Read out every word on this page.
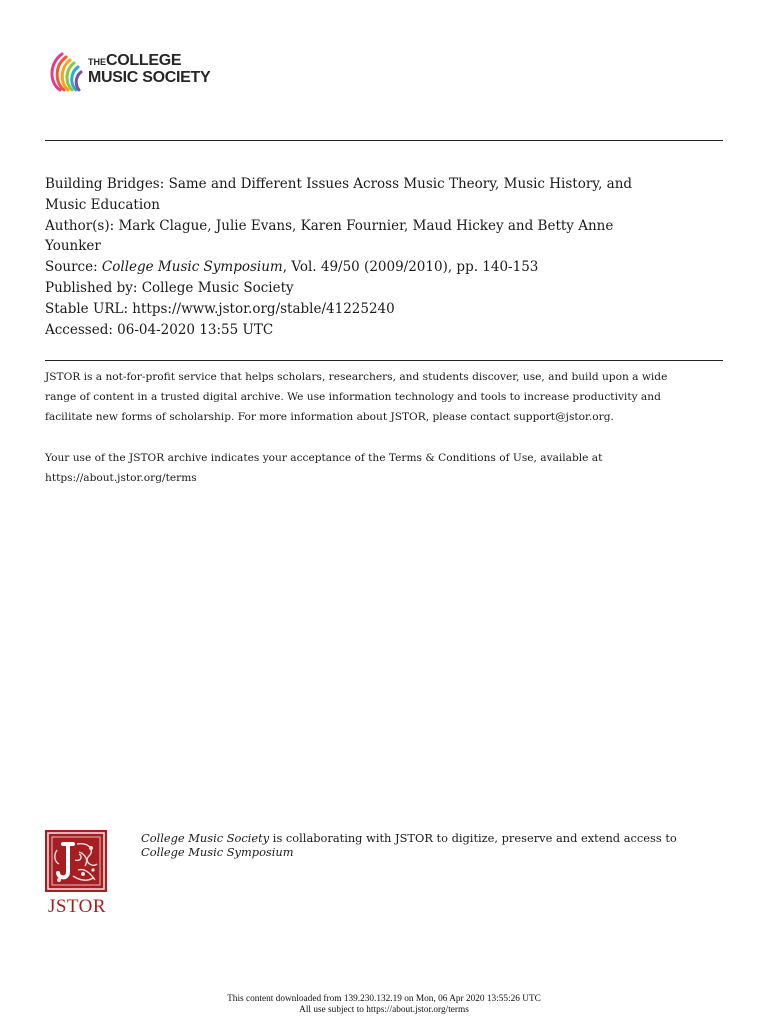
THECOLLEGE
MUSIC SOCIETY
Building Bridges: Same and Different Issues Across Music Theory, Music History, and
Music Education
Author(s): Mark Clague, Julie Evans, Karen Fournier, Maud Hickey and Betty Anne
Younker
Source: College Music Symposium, Vol. 49/50 (2009/2010), pp. 140-153
Published by: College Music Society
Stable URL: https://www.jstor.org/stable/41225240
Accessed: 06-04-2020 13:55 UTC

JSTOR is a not-for-profit service that helps scholars, researchers, and students discover, use, and build upon a wide
range of content in a trusted digital archive. We use information technology and tools to increase productivity and
facilitate new forms of scholarship. For more information about JSTOR, please contact support@jstor.org.

Your use of the JSTOR archive indicates your acceptance of the Terms & Conditions of Use, available at
https://about.jstor.org/terms

JSTOR
College Music Society is collaborating with JSTOR to digitize, preserve and extend access to
College Music Symposium
This content downloaded from 139.230.132.19 on Mon, 06 Apr 2020 13:55:26 UTC
All use subject to https://about.jstor.org/terms
